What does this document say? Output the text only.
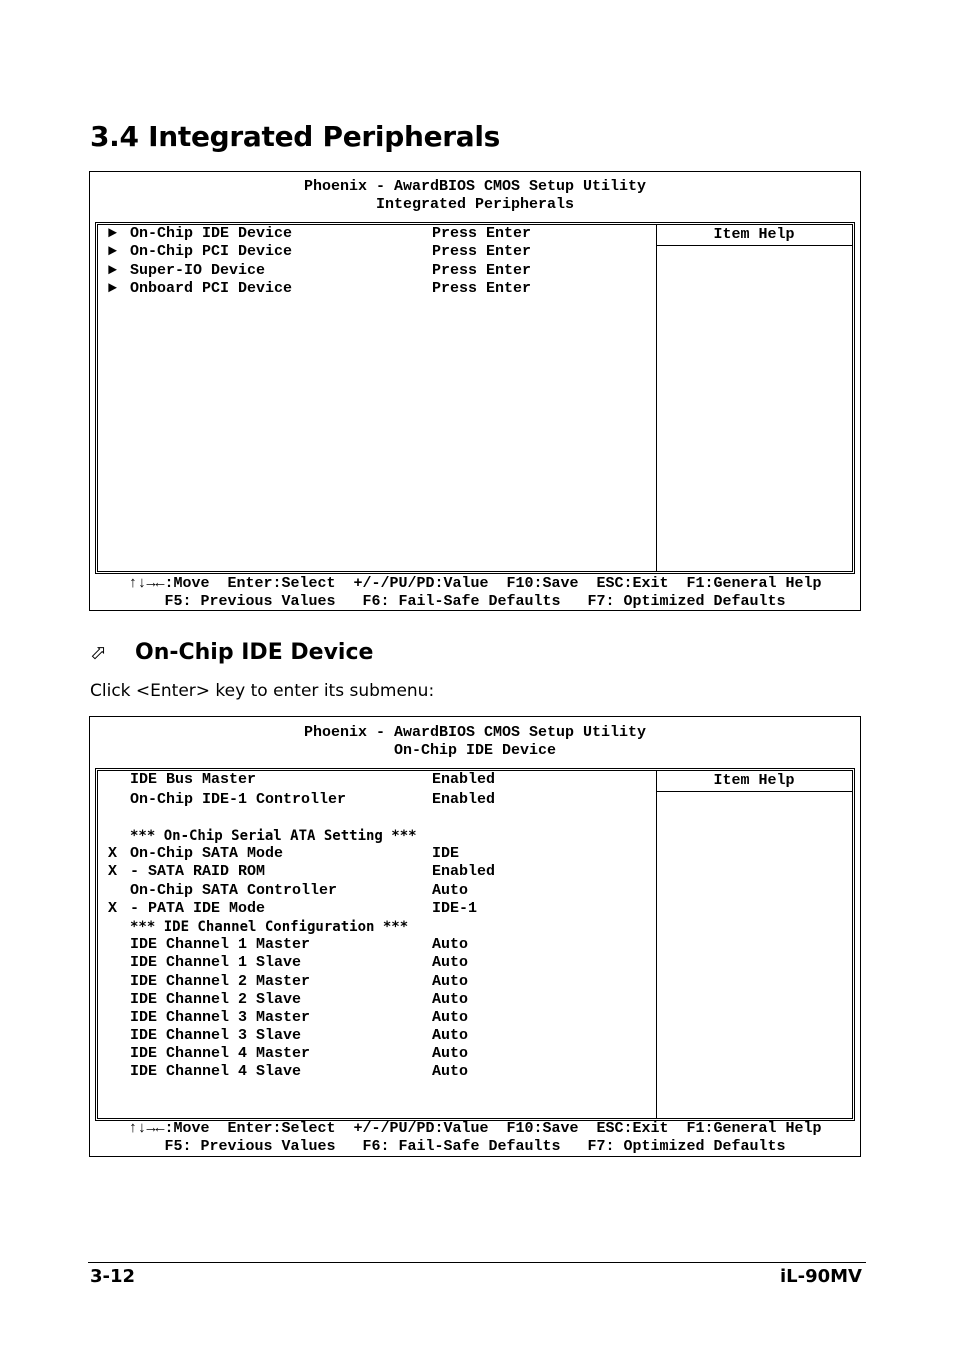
3.4 Integrated Peripherals
Phoenix - AwardBIOS CMOS Setup Utility
Integrated Peripherals
Item Help
► On-Chip IDE Device	Press Enter
► On-Chip PCI Device	Press Enter
► Super-IO Device	Press Enter
► Onboard PCI Device	Press Enter
↑↓→←:Move  Enter:Select  +/-/PU/PD:Value  F10:Save  ESC:Exit  F1:General Help
F5: Previous Values   F6: Fail-Safe Defaults   F7: Optimized Defaults
⬀ On-Chip IDE Device

Click <Enter> key to enter its submenu:

Phoenix - AwardBIOS CMOS Setup Utility
On-Chip IDE Device
Item Help
IDE Bus Master	Enabled
On-Chip IDE-1 Controller	Enabled
*** On-Chip Serial ATA Setting ***
X On-Chip SATA Mode	IDE
X - SATA RAID ROM	Enabled
On-Chip SATA Controller	Auto
X - PATA IDE Mode	IDE-1
*** IDE Channel Configuration ***
IDE Channel 1 Master	Auto
IDE Channel 1 Slave	Auto
IDE Channel 2 Master	Auto
IDE Channel 2 Slave	Auto
IDE Channel 3 Master	Auto
IDE Channel 3 Slave	Auto
IDE Channel 4 Master	Auto
IDE Channel 4 Slave	Auto
↑↓→←:Move  Enter:Select  +/-/PU/PD:Value  F10:Save  ESC:Exit  F1:General Help
F5: Previous Values   F6: Fail-Safe Defaults   F7: Optimized Defaults
3-12	iL-90MV
